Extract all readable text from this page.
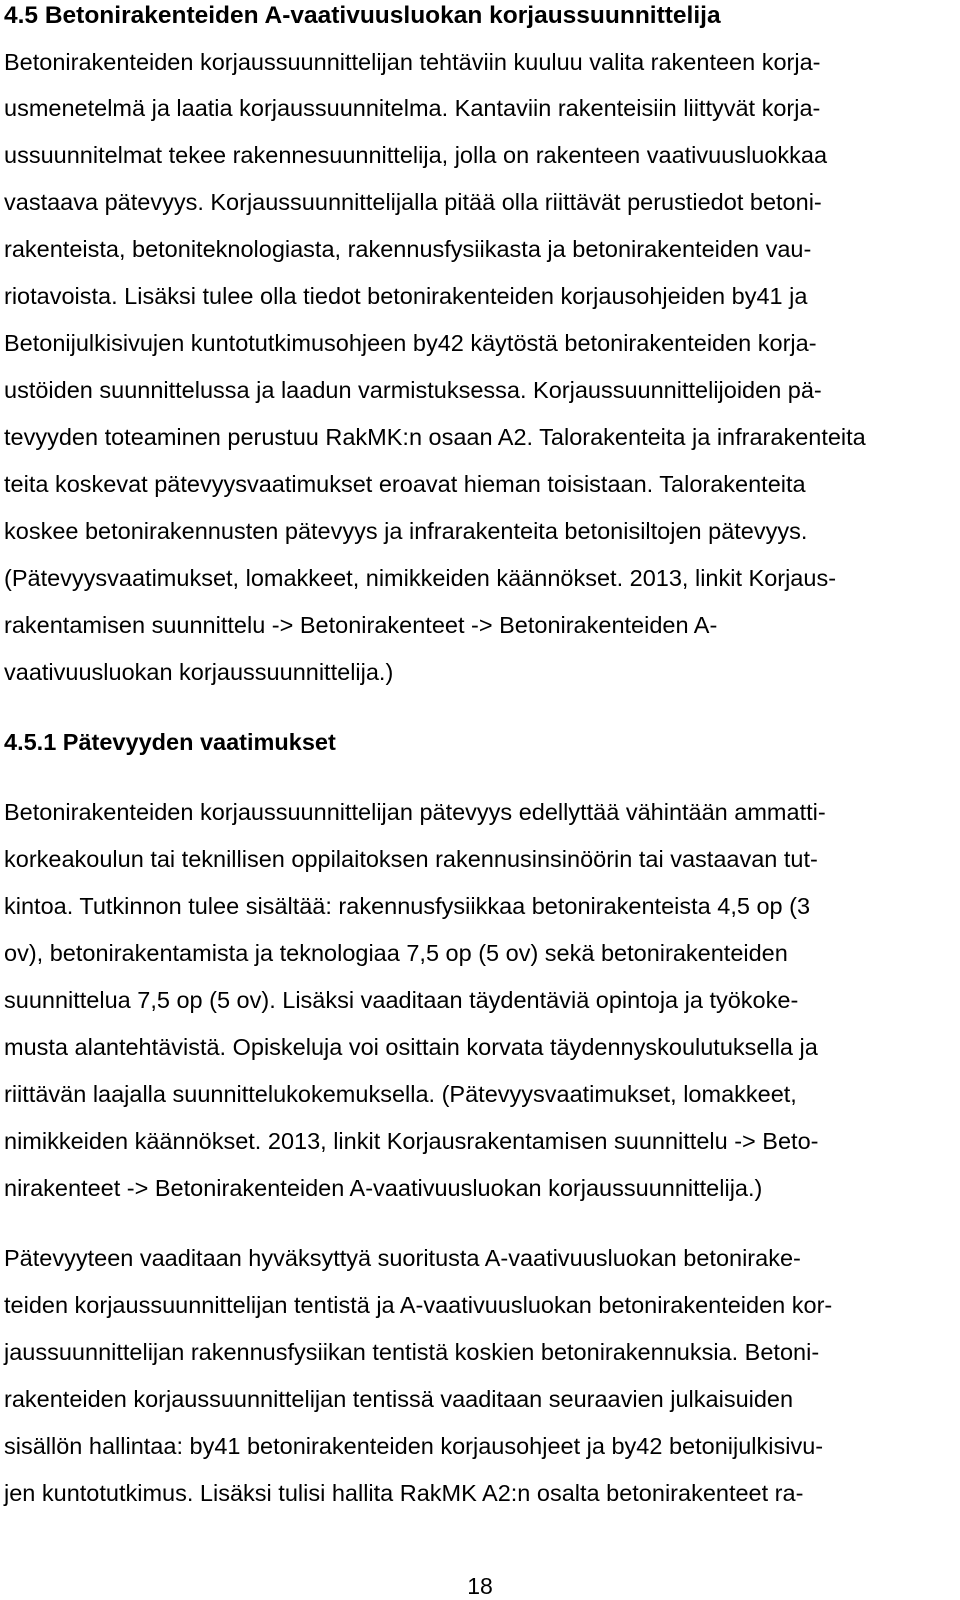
4.5 Betonirakenteiden A-vaativuusluokan korjaussuunnittelija
Betonirakenteiden korjaussuunnittelijan tehtäviin kuuluu valita rakenteen korja-
usmenetelmä ja laatia korjaussuunnitelma. Kantaviin rakenteisiin liittyvät korja-
ussuunnitelmat tekee rakennesuunnittelija, jolla on rakenteen vaativuusluokkaa
vastaava pätevyys. Korjaussuunnittelijalla pitää olla riittävät perustiedot betoni-
rakenteista, betoniteknologiasta, rakennusfysiikasta ja betonirakenteiden vau-
riotavoista. Lisäksi tulee olla tiedot betonirakenteiden korjausohjeiden by41 ja
Betonijulkisivujen kuntotutkimusohjeen by42 käytöstä betonirakenteiden korja-
ustöiden suunnittelussa ja laadun varmistuksessa. Korjaussuunnittelijoiden pä-
tevyyden toteaminen perustuu RakMK:n osaan A2. Talorakenteita ja infrarakenteita
teita koskevat pätevyysvaatimukset eroavat hieman toisistaan. Talorakenteita
koskee betonirakennusten pätevyys ja infrarakenteita betonisiltojen pätevyys.
(Pätevyysvaatimukset, lomakkeet, nimikkeiden käännökset. 2013, linkit Korjaus-
rakentamisen suunnittelu -> Betonirakenteet -> Betonirakenteiden A-
vaativuusluokan korjaussuunnittelija.)
4.5.1 Pätevyyden vaatimukset
Betonirakenteiden korjaussuunnittelijan pätevyys edellyttää vähintään ammatti-
korkeakoulun tai teknillisen oppilaitoksen rakennusinsinöörin tai vastaavan tut-
kintoa. Tutkinnon tulee sisältää: rakennusfysiikkaa betonirakenteista 4,5 op (3
ov), betonirakentamista ja teknologiaa 7,5 op (5 ov) sekä betonirakenteiden
suunnittelua 7,5 op (5 ov). Lisäksi vaaditaan täydentäviä opintoja ja työkoke-
musta alantehtävistä. Opiskeluja voi osittain korvata täydennyskoulutuksella ja
riittävän laajalla suunnittelukokemuksella. (Pätevyysvaatimukset, lomakkeet,
nimikkeiden käännökset. 2013, linkit Korjausrakentamisen suunnittelu -> Beto-
nirakenteet -> Betonirakenteiden A-vaativuusluokan korjaussuunnittelija.)
Pätevyyteen vaaditaan hyväksyttyä suoritusta A-vaativuusluokan betonirake-
teiden korjaussuunnittelijan tentistä ja A-vaativuusluokan betonirakenteiden kor-
jaussuunnittelijan rakennusfysiikan tentistä koskien betonirakennuksia. Betoni-
rakenteiden korjaussuunnittelijan tentissä vaaditaan seuraavien julkaisuiden
sisällön hallintaa: by41 betonirakenteiden korjausohjeet ja by42 betonijulkisivu-
jen kuntotutkimus. Lisäksi tulisi hallita RakMK A2:n osalta betonirakenteet ra-
18
